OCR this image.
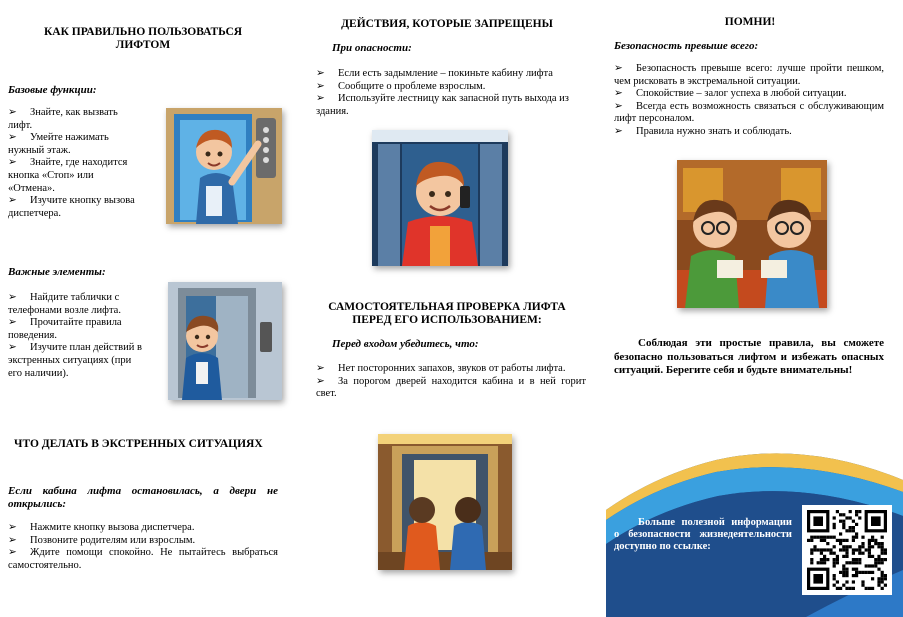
КАК ПРАВИЛЬНО ПОЛЬЗОВАТЬСЯ ЛИФТОМ

Базовые функции:

➢ Знайте, как вызвать лифт.

➢ Умейте нажимать нужный этаж.

➢ Знайте, где находится кнопка «Стоп» или «Отмена».

➢ Изучите кнопку вызова диспетчера.

Важные элементы:

➢ Найдите таблички с телефонами возле лифта.

➢ Прочитайте правила поведения.

➢ Изучите план действий в экстренных ситуациях (при его наличии).

ЧТО ДЕЛАТЬ В ЭКСТРЕННЫХ СИТУАЦИЯХ

Если кабина лифта остановилась, а двери не открылись:

➢ Нажмите кнопку вызова диспетчера.

➢ Позвоните родителям или взрослым.

➢ Ждите помощи спокойно. Не пытайтесь выбраться самостоятельно.

ДЕЙСТВИЯ, КОТОРЫЕ ЗАПРЕЩЕНЫ

При опасности:

➢ Если есть задымление – покиньте кабину лифта

➢ Сообщите о проблеме взрослым.

➢ Используйте лестницу как запасной путь выхода из здания.

САМОСТОЯТЕЛЬНАЯ ПРОВЕРКА ЛИФТА ПЕРЕД ЕГО ИСПОЛЬЗОВАНИЕМ:

Перед входом убедитесь, что:

➢ Нет посторонних запахов, звуков от работы лифта.

➢ За порогом дверей находится кабина и в ней горит свет.

ПОМНИ!

Безопасность превыше всего:

➢ Безопасность превыше всего: лучше пройти пешком, чем рисковать в экстремальной ситуации.

➢ Спокойствие – залог успеха в любой ситуации.

➢ Всегда есть возможность связаться с обслуживающим лифт персоналом.

➢ Правила нужно знать и соблюдать.

Соблюдая эти простые правила, вы сможете безопасно пользоваться лифтом и избежать опасных ситуаций. Берегите себя и будьте внимательны!

Больше полезной информации о безопасности жизнедеятельности доступно по ссылке:
